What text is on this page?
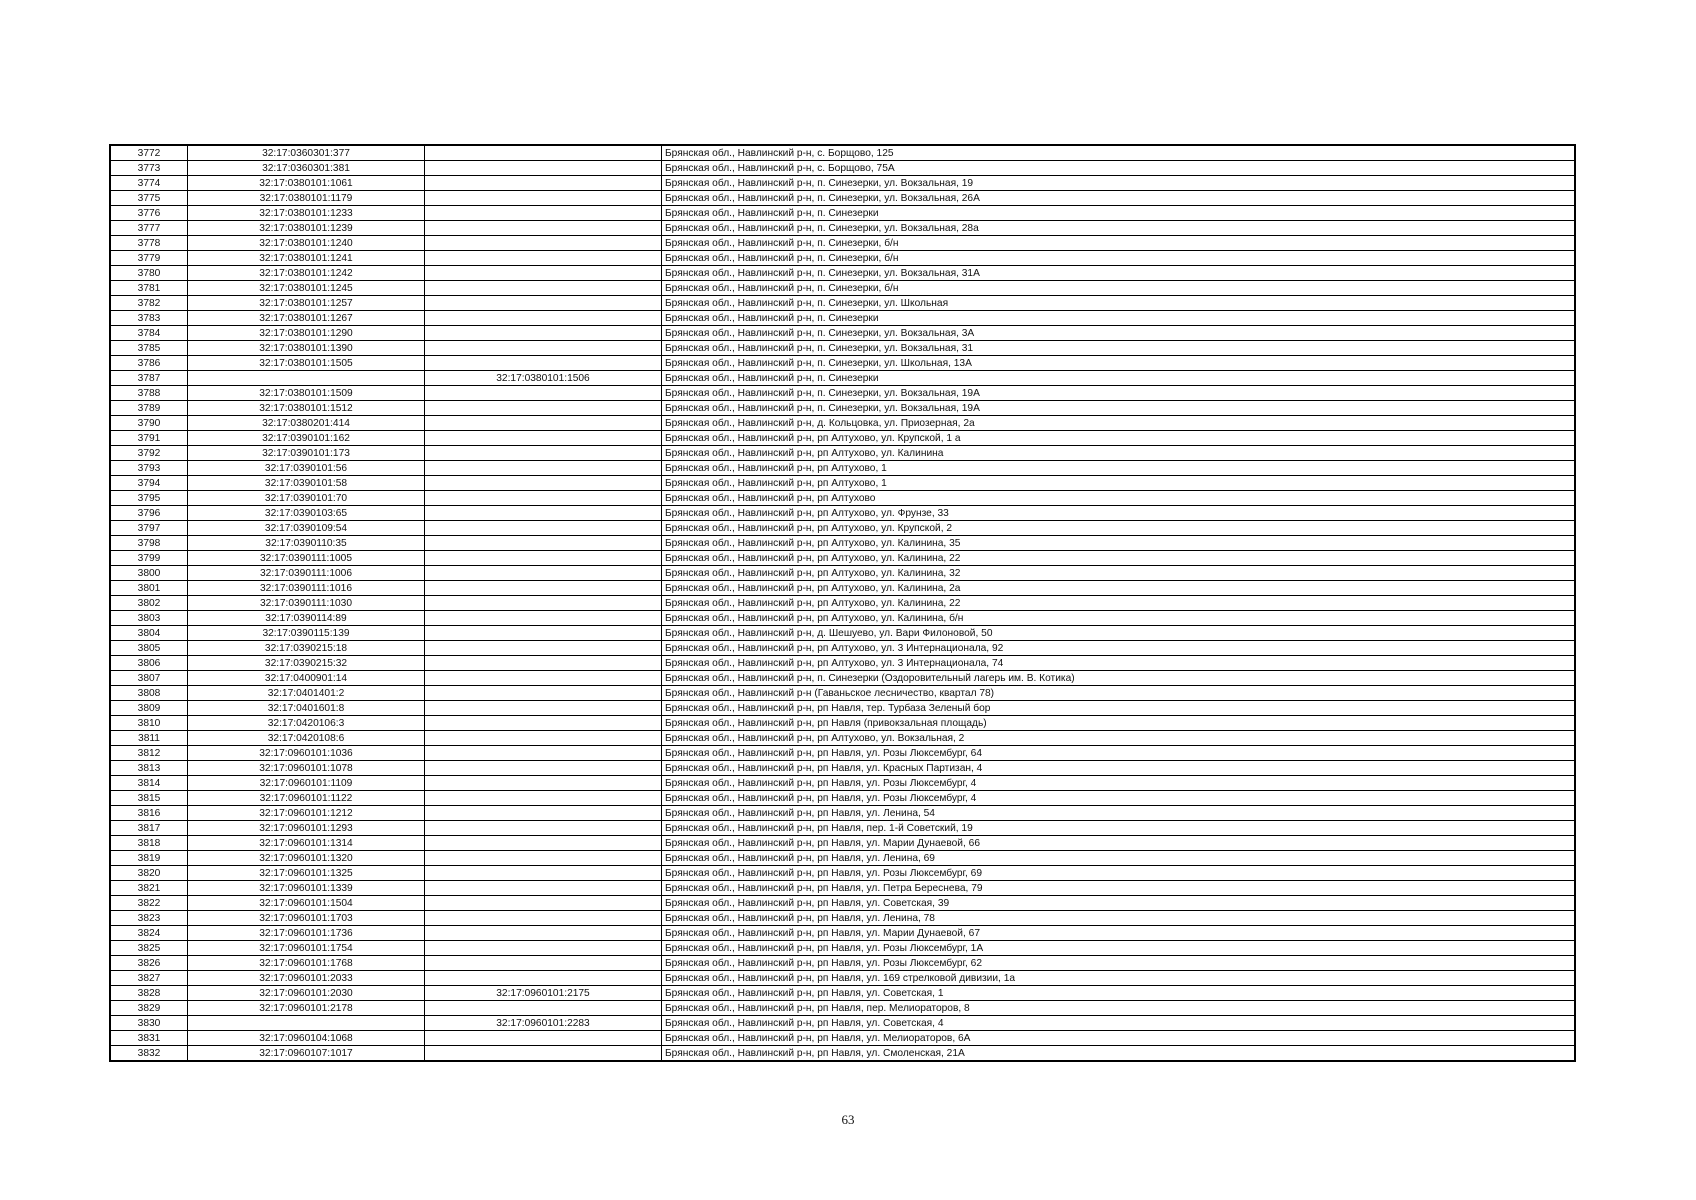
3772	32:17:0360301:377		Брянская обл., Навлинский р-н, с. Борщово, 125
3773	32:17:0360301:381		Брянская обл., Навлинский р-н, с. Борщово, 75А
3774	32:17:0380101:1061		Брянская обл., Навлинский р-н, п. Синезерки, ул. Вокзальная, 19
3775	32:17:0380101:1179		Брянская обл., Навлинский р-н, п. Синезерки, ул. Вокзальная, 26А
3776	32:17:0380101:1233		Брянская обл., Навлинский р-н, п. Синезерки
3777	32:17:0380101:1239		Брянская обл., Навлинский р-н, п. Синезерки, ул. Вокзальная, 28а
3778	32:17:0380101:1240		Брянская обл., Навлинский р-н, п. Синезерки, б/н
3779	32:17:0380101:1241		Брянская обл., Навлинский р-н, п. Синезерки, б/н
3780	32:17:0380101:1242		Брянская обл., Навлинский р-н, п. Синезерки, ул. Вокзальная, 31А
3781	32:17:0380101:1245		Брянская обл., Навлинский р-н, п. Синезерки, б/н
3782	32:17:0380101:1257		Брянская обл., Навлинский р-н, п. Синезерки, ул. Школьная
3783	32:17:0380101:1267		Брянская обл., Навлинский р-н, п. Синезерки
3784	32:17:0380101:1290		Брянская обл., Навлинский р-н, п. Синезерки, ул. Вокзальная, 3А
3785	32:17:0380101:1390		Брянская обл., Навлинский р-н, п. Синезерки, ул. Вокзальная, 31
3786	32:17:0380101:1505		Брянская обл., Навлинский р-н, п. Синезерки, ул. Школьная, 13А
3787		32:17:0380101:1506	Брянская обл., Навлинский р-н, п. Синезерки
3788	32:17:0380101:1509		Брянская обл., Навлинский р-н, п. Синезерки, ул. Вокзальная, 19А
3789	32:17:0380101:1512		Брянская обл., Навлинский р-н, п. Синезерки, ул. Вокзальная, 19А
3790	32:17:0380201:414		Брянская обл., Навлинский р-н, д. Кольцовка, ул. Приозерная, 2а
3791	32:17:0390101:162		Брянская обл., Навлинский р-н, рп Алтухово, ул. Крупской, 1 а
3792	32:17:0390101:173		Брянская обл., Навлинский р-н, рп Алтухово, ул. Калинина
3793	32:17:0390101:56		Брянская обл., Навлинский р-н, рп Алтухово, 1
3794	32:17:0390101:58		Брянская обл., Навлинский р-н, рп Алтухово, 1
3795	32:17:0390101:70		Брянская обл., Навлинский р-н, рп Алтухово
3796	32:17:0390103:65		Брянская обл., Навлинский р-н, рп Алтухово, ул. Фрунзе, 33
3797	32:17:0390109:54		Брянская обл., Навлинский р-н, рп Алтухово, ул. Крупской, 2
3798	32:17:0390110:35		Брянская обл., Навлинский р-н, рп Алтухово, ул. Калинина, 35
3799	32:17:0390111:1005		Брянская обл., Навлинский р-н, рп Алтухово, ул. Калинина, 22
3800	32:17:0390111:1006		Брянская обл., Навлинский р-н, рп Алтухово, ул. Калинина, 32
3801	32:17:0390111:1016		Брянская обл., Навлинский р-н, рп Алтухово, ул. Калинина, 2а
3802	32:17:0390111:1030		Брянская обл., Навлинский р-н, рп Алтухово, ул. Калинина, 22
3803	32:17:0390114:89		Брянская обл., Навлинский р-н, рп Алтухово, ул. Калинина, б/н
3804	32:17:0390115:139		Брянская обл., Навлинский р-н, д. Шешуево, ул. Вари Филоновой, 50
3805	32:17:0390215:18		Брянская обл., Навлинский р-н, рп Алтухово, ул. 3 Интернационала, 92
3806	32:17:0390215:32		Брянская обл., Навлинский р-н, рп Алтухово, ул. 3 Интернационала, 74
3807	32:17:0400901:14		Брянская обл., Навлинский р-н, п. Синезерки (Оздоровительный лагерь им. В. Котика)
3808	32:17:0401401:2		Брянская обл., Навлинский р-н (Гаваньское лесничество, квартал 78)
3809	32:17:0401601:8		Брянская обл., Навлинский р-н, рп Навля, тер. Турбаза Зеленый бор
3810	32:17:0420106:3		Брянская обл., Навлинский р-н, рп Навля (привокзальная площадь)
3811	32:17:0420108:6		Брянская обл., Навлинский р-н, рп Алтухово, ул. Вокзальная, 2
3812	32:17:0960101:1036		Брянская обл., Навлинский р-н, рп Навля, ул. Розы Люксембург, 64
3813	32:17:0960101:1078		Брянская обл., Навлинский р-н, рп Навля, ул. Красных Партизан, 4
3814	32:17:0960101:1109		Брянская обл., Навлинский р-н, рп Навля, ул. Розы Люксембург, 4
3815	32:17:0960101:1122		Брянская обл., Навлинский р-н, рп Навля, ул. Розы Люксембург, 4
3816	32:17:0960101:1212		Брянская обл., Навлинский р-н, рп Навля, ул. Ленина, 54
3817	32:17:0960101:1293		Брянская обл., Навлинский р-н, рп Навля, пер. 1-й Советский, 19
3818	32:17:0960101:1314		Брянская обл., Навлинский р-н, рп Навля, ул. Марии Дунаевой, 66
3819	32:17:0960101:1320		Брянская обл., Навлинский р-н, рп Навля, ул. Ленина, 69
3820	32:17:0960101:1325		Брянская обл., Навлинский р-н, рп Навля, ул. Розы Люксембург, 69
3821	32:17:0960101:1339		Брянская обл., Навлинский р-н, рп Навля, ул. Петра Береснева, 79
3822	32:17:0960101:1504		Брянская обл., Навлинский р-н, рп Навля, ул. Советская, 39
3823	32:17:0960101:1703		Брянская обл., Навлинский р-н, рп Навля, ул. Ленина, 78
3824	32:17:0960101:1736		Брянская обл., Навлинский р-н, рп Навля, ул. Марии Дунаевой, 67
3825	32:17:0960101:1754		Брянская обл., Навлинский р-н, рп Навля, ул. Розы Люксембург, 1А
3826	32:17:0960101:1768		Брянская обл., Навлинский р-н, рп Навля, ул. Розы Люксембург, 62
3827	32:17:0960101:2033		Брянская обл., Навлинский р-н, рп Навля, ул. 169 стрелковой дивизии, 1а
3828	32:17:0960101:2030	32:17:0960101:2175	Брянская обл., Навлинский р-н, рп Навля, ул. Советская, 1
3829	32:17:0960101:2178		Брянская обл., Навлинский р-н, рп Навля, пер. Мелиораторов, 8
3830		32:17:0960101:2283	Брянская обл., Навлинский р-н, рп Навля, ул. Советская, 4
3831	32:17:0960104:1068		Брянская обл., Навлинский р-н, рп Навля, ул. Мелиораторов, 6А
3832	32:17:0960107:1017		Брянская обл., Навлинский р-н, рп Навля, ул. Смоленская, 21А
63
